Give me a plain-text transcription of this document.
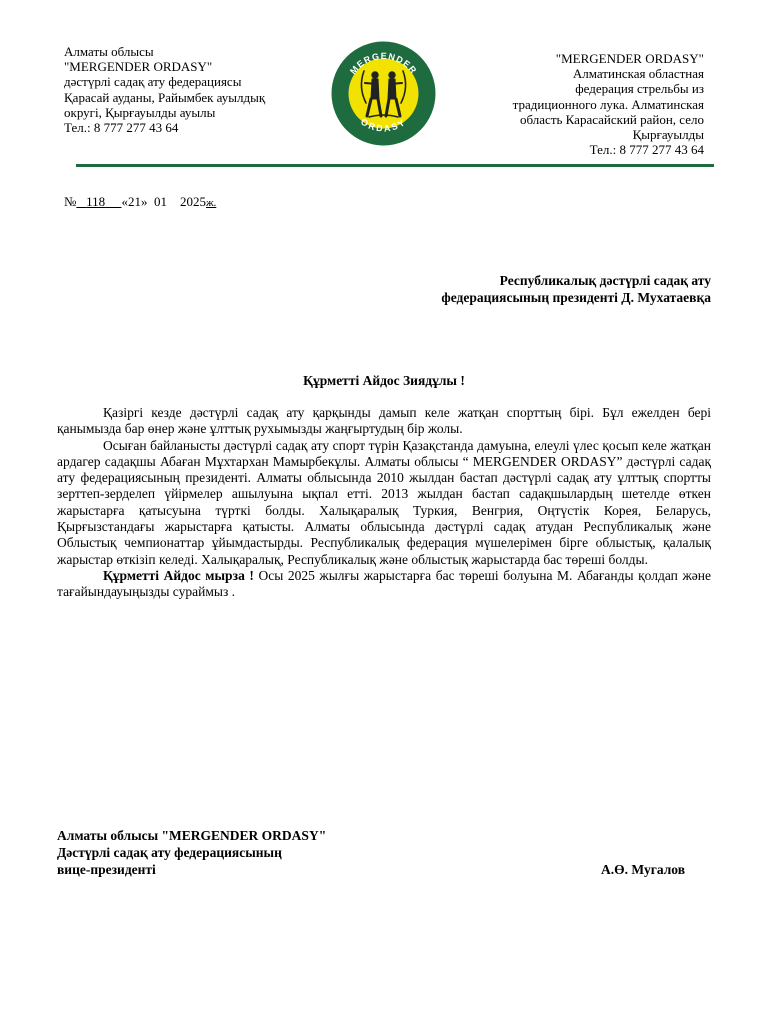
Алматы облысы
"MERGENDER ORDASY"
дәстүрлі садақ ату федерациясы
Қарасай ауданы, Райымбек ауылдық
округі, Қырғауылды ауылы
Тел.: 8 777 277 43 64
MERGENDER
ORDASY
"MERGENDER ORDASY"
Алматинская областная
федерация стрельбы из
традиционного лука. Алматинская
область Карасайский район, село
Қырғауылды
Тел.: 8 777 277 43 64
№ 118 «21» 01 2025ж.
Республикалық дәстүрлі садақ ату
федерациясының президенті Д. Мухатаевқа
Құрметті Айдос Зиядұлы !

Қазіргі кезде дәстүрлі садақ ату қарқынды дамып келе жатқан спорттың бірі. Бұл ежелден бері қанымызда бар өнер және ұлттық рухымызды жаңғыртудың бір жолы.

Осыған байланысты дәстүрлі садақ ату спорт түрін Қазақстанда дамуына, елеулі үлес қосып келе жатқан ардагер садақшы Абаған Мұхтархан Мамырбекұлы. Алматы облысы “ MERGENDER ORDASY” дәстүрлі садақ ату федерациясының президенті. Алматы облысында 2010 жылдан бастап дәстүрлі садақ ату ұлттық спортты зерттеп-зерделеп үйірмелер ашылуына ықпал етті. 2013 жылдан бастап садақшылардың шетелде өткен жарыстарға қатысуына түрткі болды. Халықаралық Туркия, Венгрия, Оңтүстік Корея, Беларусь, Қырғызстандағы жарыстарға қатысты. Алматы облысында дәстүрлі садақ атудан Республикалық және Облыстық чемпионаттар ұйымдастырды. Республикалық федерация мүшелерімен бірге облыстық, қалалық жарыстар өткізіп келеді. Халықаралық, Республикалық және облыстық жарыстарда бас төреші болды.

Құрметті Айдос мырза ! Осы 2025 жылғы жарыстарға бас төреші болуына М. Абағанды қолдап және тағайындауыңызды сураймыз .

Алматы облысы "MERGENDER ORDASY"
Дәстүрлі садақ ату федерациясының
вице-президенті	А.Ө. Мугалов
